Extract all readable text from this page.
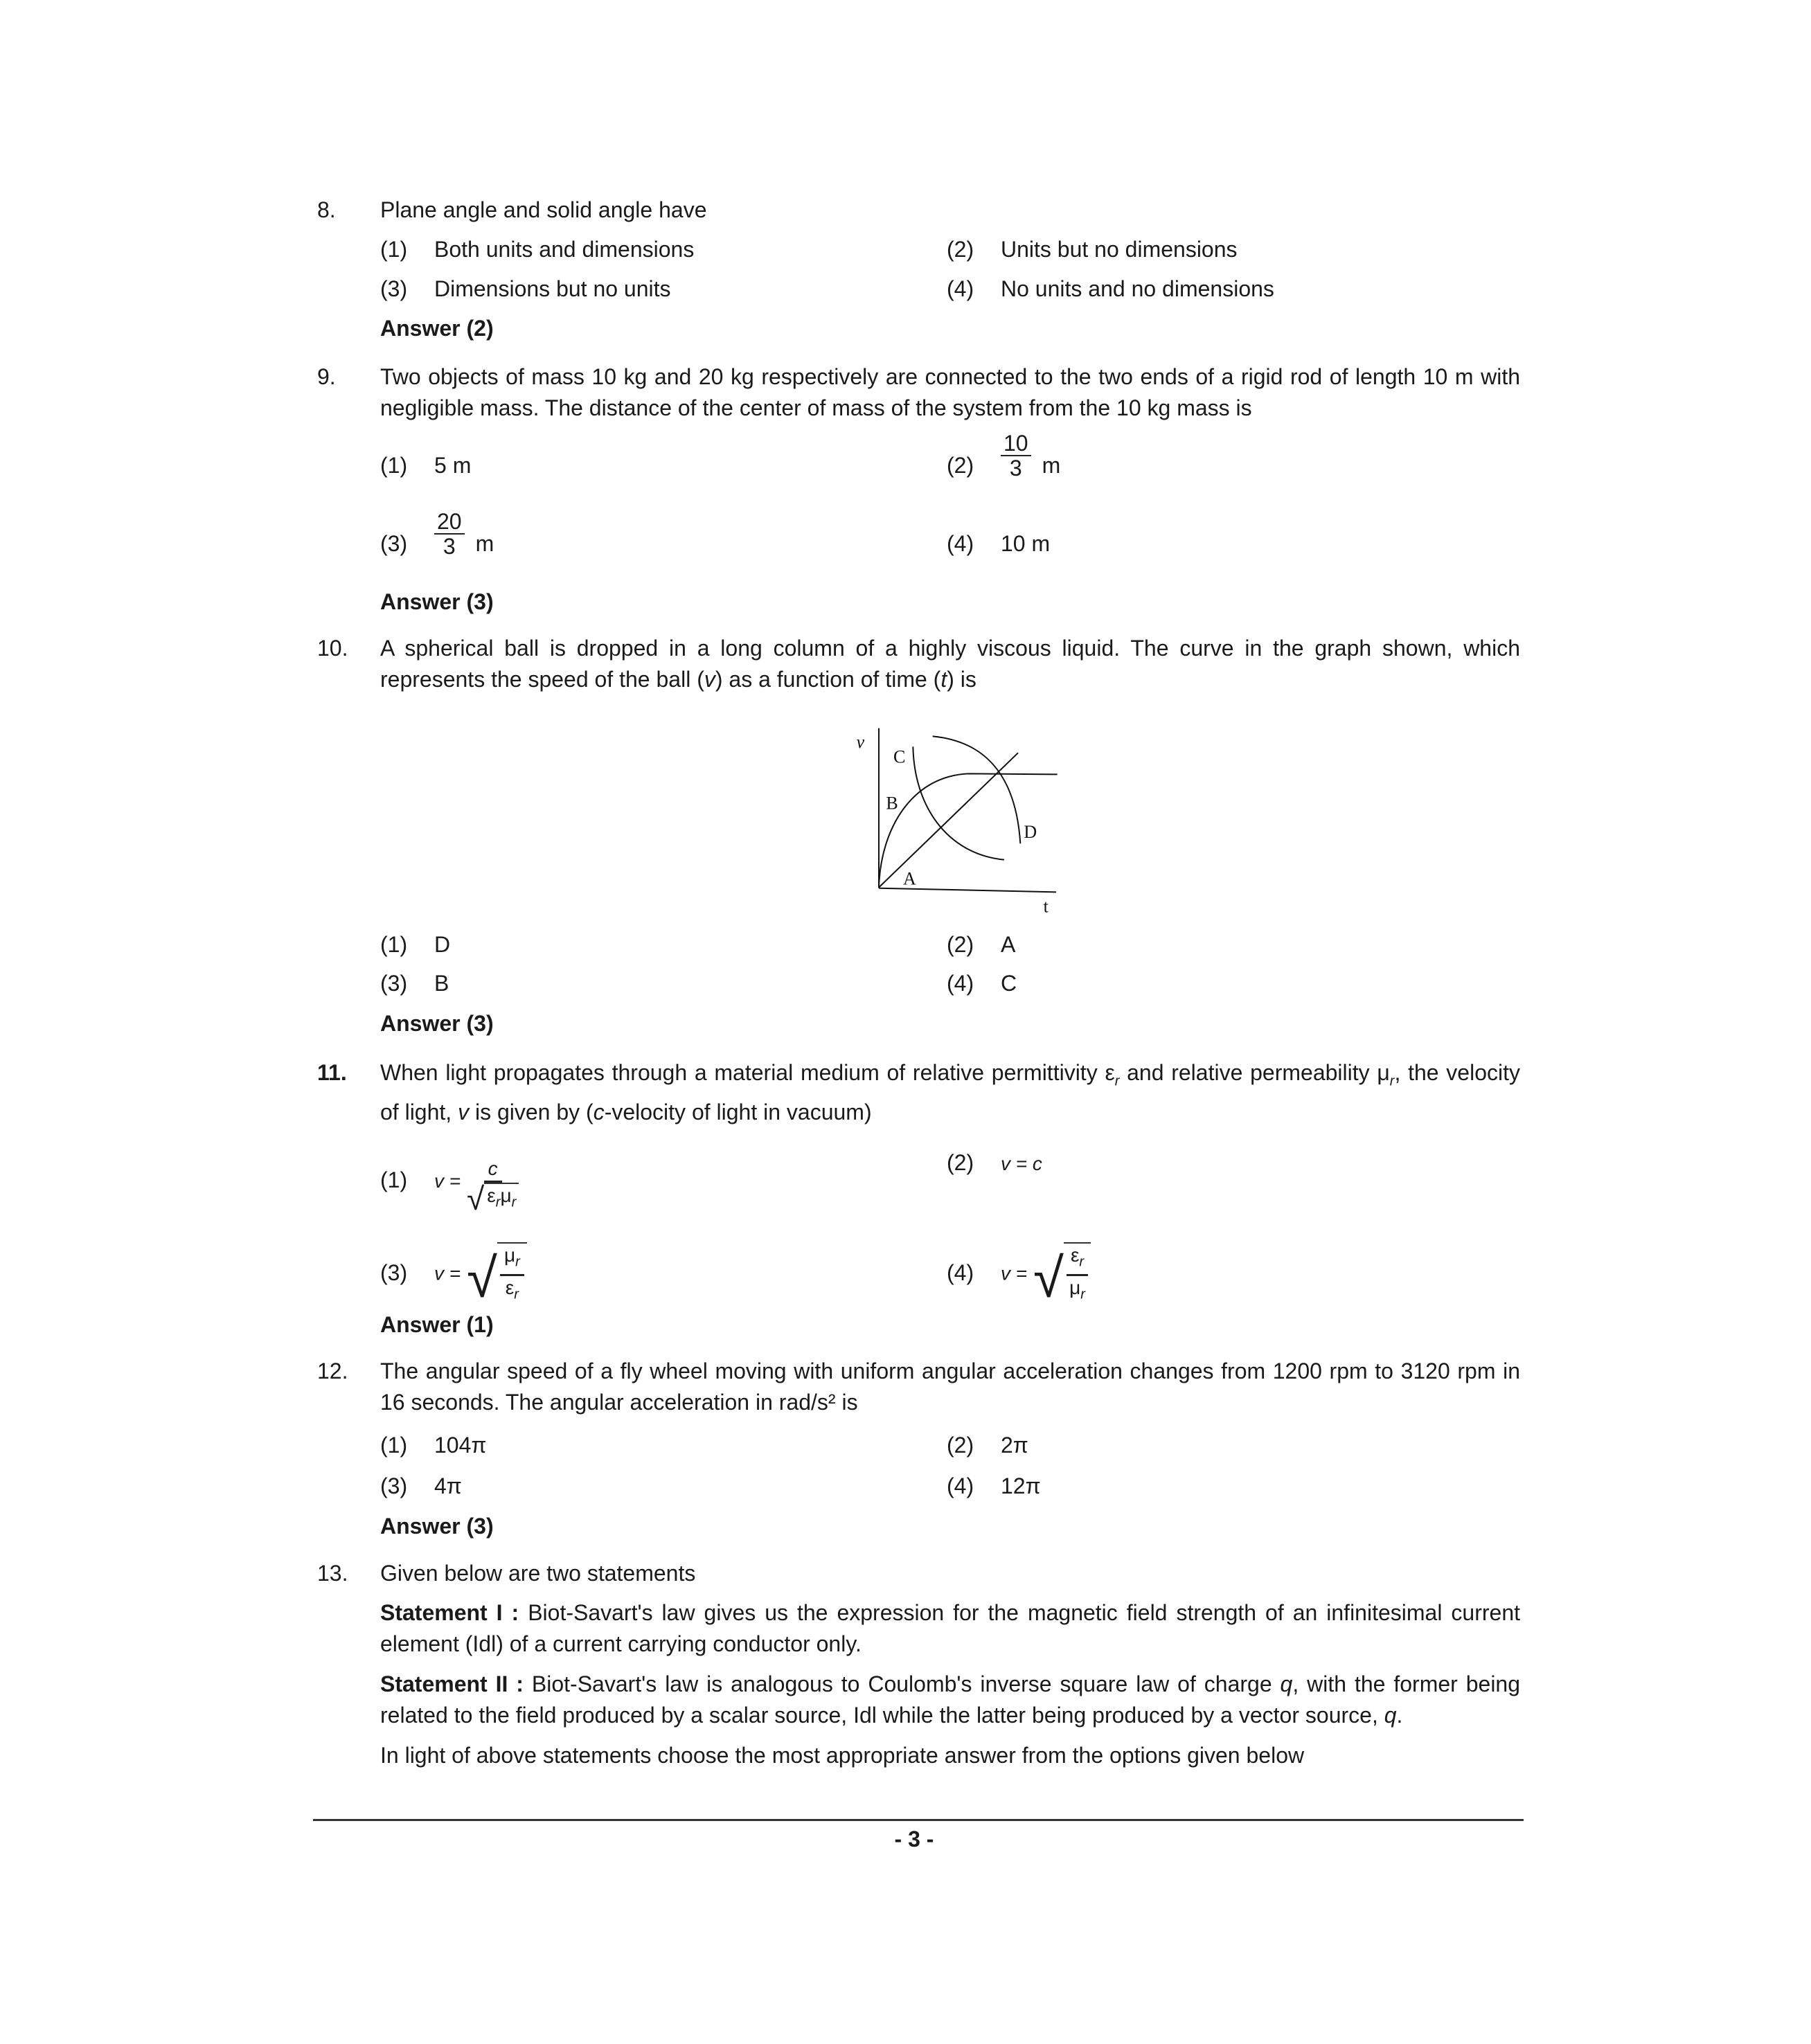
8. Plane angle and solid angle have
(1) Both units and dimensions	(2) Units but no dimensions
(3) Dimensions but no units	(4) No units and no dimensions
Answer (2)
9. Two objects of mass 10 kg and 20 kg respectively are connected to the two ends of a rigid rod of length 10 m with negligible mass. The distance of the center of mass of the system from the 10 kg mass is
(1) 5 m	$(2) \frac{10}{3}$ m
$(3) \frac{20}{3}$ m	(4) 10 m
Answer (3)
10. A spherical ball is dropped in a long column of a highly viscous liquid. The curve in the graph shown, which represents the speed of the ball (v) as a function of time (t) is
v
C
B
D
A
t
(1) D	(2) A
(3) B	(4) C
Answer (3)
11. When light propagates through a material medium of relative permittivity $\varepsilon_r$ and relative permeability $\mu_r$, the velocity of light, v is given by (c-velocity of light in vacuum)
(1) v =
c
√ $\varepsilon_r\mu_r$
(2) v = c
(3) v = √ $\mu_r$
$\varepsilon_r$
(4) v = √ $\varepsilon_r$
$\mu_r$
Answer (1)
12. The angular speed of a fly wheel moving with uniform angular acceleration changes from 1200 rpm to 3120 rpm in 16 seconds. The angular acceleration in rad/s² is
(1) 104π	(2) 2π
(3) 4π	(4) 12π
Answer (3)
13. Given below are two statements
Statement I : Biot-Savart's law gives us the expression for the magnetic field strength of an infinitesimal current element (Idl) of a current carrying conductor only.
Statement II : Biot-Savart's law is analogous to Coulomb's inverse square law of charge q, with the former being related to the field produced by a scalar source, Idl while the latter being produced by a vector source, q.
In light of above statements choose the most appropriate answer from the options given below
- 3 -
